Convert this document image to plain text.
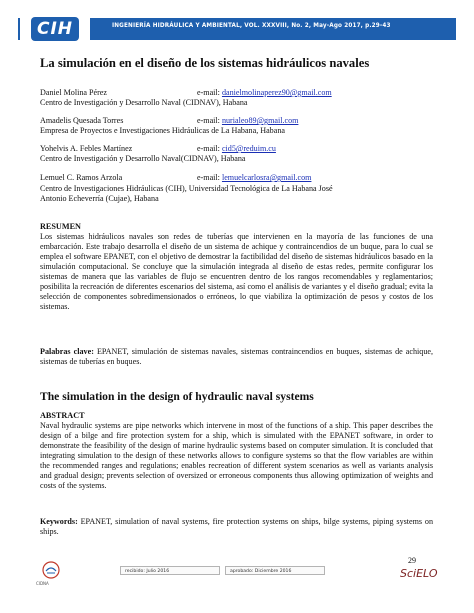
CIH	INGENIERÍA HIDRÁULICA Y AMBIENTAL, VOL. XXXVIII, No. 2, May-Ago 2017, p.29-43
La simulación en el diseño de los sistemas hidráulicos navales
Daniel Molina Pérez	e-mail: danielmolinaperez90@gmail.com
Centro de Investigación y Desarrollo Naval (CIDNAV), Habana
Amadelis Quesada Torres	e-mail: nurialeo89@gmail.com
Empresa de Proyectos e Investigaciones Hidráulicas de La Habana, Habana
Yohelvis A. Febles Martínez	e-mail: cid5@reduim.cu
Centro de Investigación y Desarrollo Naval(CIDNAV), Habana
Lemuel C. Ramos Arzola	e-mail: lemuelcarlosra@gmail.com
Centro de Investigaciones Hidráulicas (CIH), Universidad Tecnológica de La Habana José
Antonio Echeverría (Cujae), Habana
RESUMEN
Los sistemas hidráulicos navales son redes de tuberías que intervienen en la mayoría de las funciones de una embarcación. Este trabajo desarrolla el diseño de un sistema de achique y contraincendios de un buque, para lo cual se emplea el software EPANET, con el objetivo de demostrar la factibilidad del diseño de sistemas hidráulicos basado en la simulación computacional. Se concluye que la simulación integrada al diseño de estas redes, permite configurar los sistemas de manera que las variables de flujo se encuentren dentro de los rangos recomendables y reglamentarios; posibilita la recreación de diferentes escenarios del sistema, así como el análisis de variantes y el diseño gradual; evita la selección de componentes sobredimensionados o erróneos, lo que viabiliza la optimización de pesos y costos de los sistemas.
Palabras clave: EPANET, simulación de sistemas navales, sistemas contraincendios en buques, sistemas de achique, sistemas de tuberías en buques.
The simulation in the design of hydraulic naval systems
ABSTRACT
Naval hydraulic systems are pipe networks which intervene in most of the functions of a ship. This paper describes the design of a bilge and fire protection system for a ship, which is simulated with the EPANET software, in order to demonstrate the feasibility of the design of marine hydraulic systems based on computer simulation. It is concluded that integrating simulation to the design of these networks allows to configure systems so that the flow variables are within the recommended ranges and regulations; enables recreation of different system scenarios as well as variants analysis and gradual design; prevents selection of oversized or erroneous components thus allowing optimization of weights and costs of the systems.
Keywords: EPANET, simulation of naval systems, fire protection systems on ships, bilge systems, piping systems on ships.
CIDNA
recibido: Julio 2016	aprobado: Diciembre 2016
29
SciELO
